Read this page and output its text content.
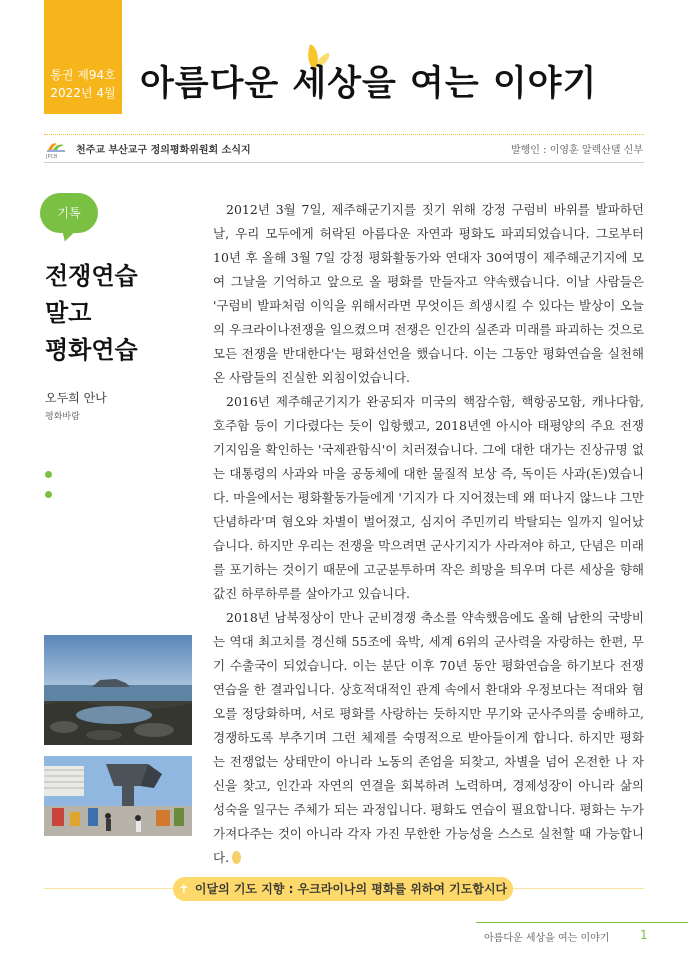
통권 제94호
2022년 4월 아름다운 세상을 여는 이야기
JPCB
천주교 부산교구 정의평화위원회 소식지	발행인 : 이영훈 알렉산델 신부
기톡
전쟁연습
말고
평화연습
오두희 안나
평화바람

2012년 3월 7일, 제주해군기지를 짓기 위해 강정 구럼비 바위를 발파하던 날, 우리 모두에게 허락된 아름다운 자연과 평화도 파괴되었습니다. 그로부터 10년 후 올해 3월 7일 강정 평화활동가와 연대자 30여명이 제주해군기지에 모여 그날을 기억하고 앞으로 올 평화를 만들자고 약속했습니다. 이날 사람들은 '구럼비 발파처럼 이익을 위해서라면 무엇이든 희생시킬 수 있다는 발상이 오늘의 우크라이나전쟁을 일으켰으며 전쟁은 인간의 실존과 미래를 파괴하는 것으로 모든 전쟁을 반대한다'는 평화선언을 했습니다. 이는 그동안 평화연습을 실천해온 사람들의 진실한 외침이었습니다.

2016년 제주해군기지가 완공되자 미국의 핵잠수함, 핵항공모함, 캐나다함, 호주함 등이 기다렸다는 듯이 입항했고, 2018년엔 아시아 태평양의 주요 전쟁기지임을 확인하는 '국제관함식'이 치러졌습니다. 그에 대한 대가는 진상규명 없는 대통령의 사과와 마을 공동체에 대한 물질적 보상 즉, 독이든 사과(돈)였습니다. 마을에서는 평화활동가들에게 '기지가 다 지어졌는데 왜 떠나지 않느냐 그만 단념하라'며 혐오와 차별이 벌어졌고, 심지어 주민끼리 박탈되는 일까지 일어났습니다. 하지만 우리는 전쟁을 막으려면 군사기지가 사라져야 하고, 단념은 미래를 포기하는 것이기 때문에 고군분투하며 작은 희망을 틔우며 다른 세상을 향해 값진 하루하루를 살아가고 있습니다.

2018년 남북정상이 만나 군비경쟁 축소를 약속했음에도 올해 남한의 국방비는 역대 최고치를 경신해 55조에 육박, 세계 6위의 군사력을 자랑하는 한편, 무기 수출국이 되었습니다. 이는 분단 이후 70년 동안 평화연습을 하기보다 전쟁연습을 한 결과입니다. 상호적대적인 관계 속에서 환대와 우정보다는 적대와 혐오를 정당화하며, 서로 평화를 사랑하는 듯하지만 무기와 군사주의를 숭배하고, 경쟁하도록 부추기며 그런 체제를 숙명적으로 받아들이게 합니다. 하지만 평화는 전쟁없는 상태만이 아니라 노동의 존엄을 되찾고, 차별을 넘어 온전한 나 자신을 찾고, 인간과 자연의 연결을 회복하려 노력하며, 경제성장이 아니라 삶의 성숙을 일구는 주체가 되는 과정입니다. 평화도 연습이 필요합니다. 평화는 누가 가져다주는 것이 아니라 각자 가진 무한한 가능성을 스스로 실천할 때 가능합니다.

✝ 이달의 기도 지향 : 우크라이나의 평화를 위하여 기도합시다
아름다운 세상을 여는 이야기	1
